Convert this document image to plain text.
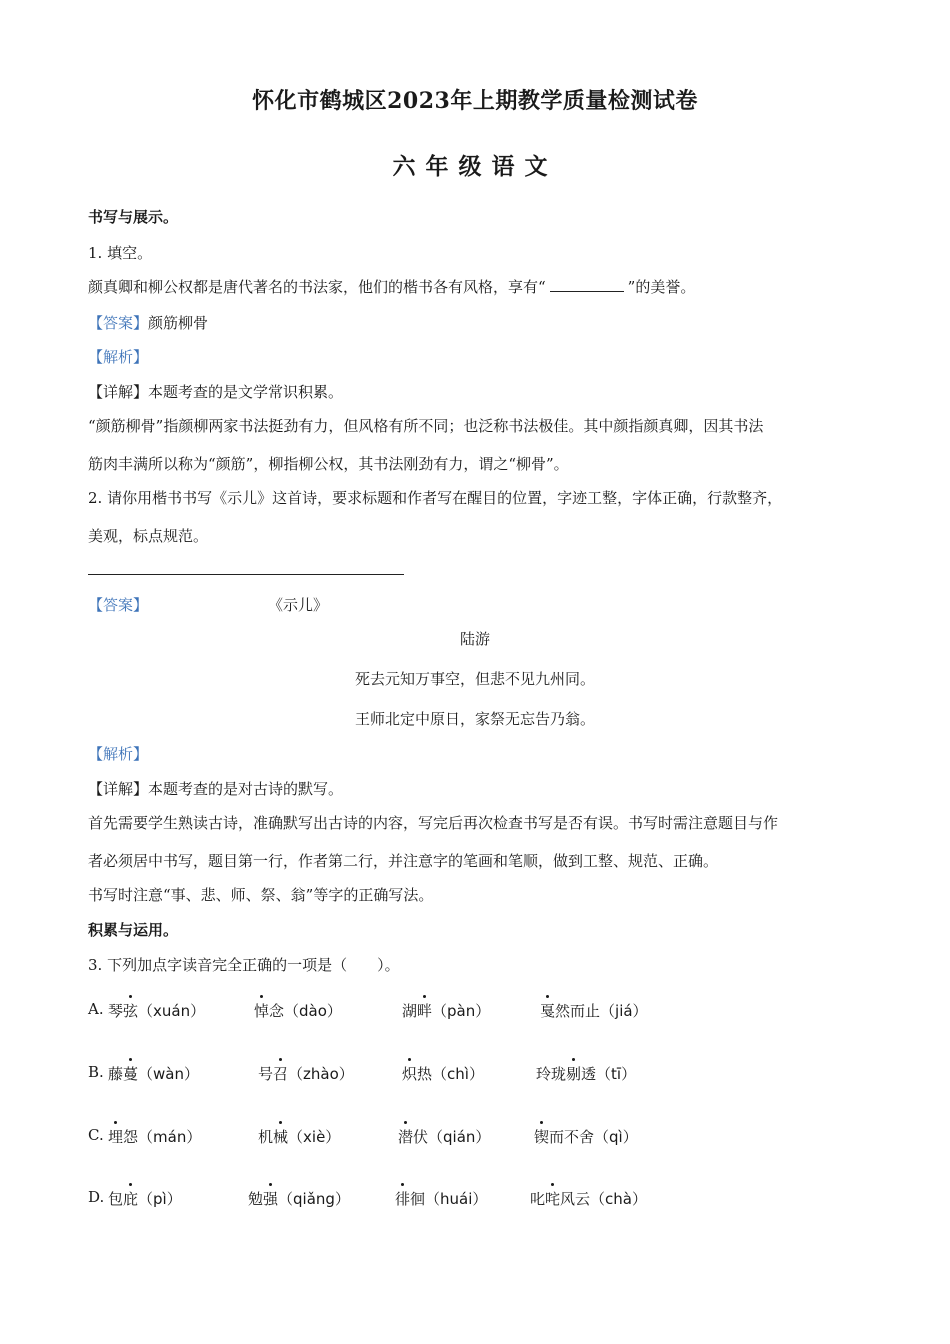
怀化市鹤城区2023年上期教学质量检测试卷
六年级语文
书写与展示。
1. 填空。
颜真卿和柳公权都是唐代著名的书法家，他们的楷书各有风格，享有“	”的美誉。
【答案】颜筋柳骨
【解析】
【详解】本题考查的是文学常识积累。
“颜筋柳骨”指颜柳两家书法挺劲有力，但风格有所不同；也泛称书法极佳。其中颜指颜真卿，因其书法
筋肉丰满所以称为“颜筋”，柳指柳公权，其书法刚劲有力，谓之“柳骨”。
2. 请你用楷书书写《示儿》这首诗，要求标题和作者写在醒目的位置，字迹工整，字体正确，行款整齐，
美观，标点规范。
【答案】	《示儿》
陆游
死去元知万事空，但悲不见九州同。
王师北定中原日，家祭无忘告乃翁。
【解析】
【详解】本题考查的是对古诗的默写。
首先需要学生熟读古诗，准确默写出古诗的内容，写完后再次检查书写是否有误。书写时需注意题目与作
者必须居中书写，题目第一行，作者第二行，并注意字的笔画和笔顺，做到工整、规范、正确。
书写时注意“事、悲、师、祭、翁”等字的正确写法。
积累与运用。
3. 下列加点字读音完全正确的一项是（　　）。
A. 琴弦（xuán）	悼念（dào）	湖畔（pàn）	戛然而止（jiá）
B. 藤蔓（wàn）	号召（zhào）	炽热（chì）	玲珑剔透（tī）
C. 埋怨（mán）	机械（xiè）	潜伏（qián）	锲而不舍（qì）
D. 包庇（pì）	勉强（qiǎng）	徘徊（huái）	叱咤风云（chà）
